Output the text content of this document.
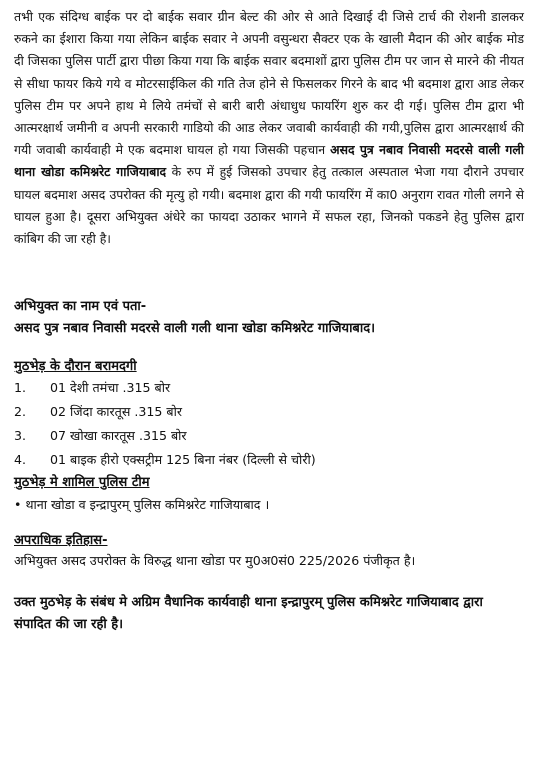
तभी एक संदिग्ध बाईक पर दो बाईक सवार ग्रीन बेल्ट की ओर से आते दिखाई दी जिसे टार्च की रोशनी डालकर रुकने का ईशारा किया गया लेकिन बाईक सवार ने अपनी वसुन्धरा सैक्टर एक के खाली मैदान की ओर बाईक मोड दी जिसका पुलिस पार्टी द्वारा पीछा किया गया कि बाईक सवार बदमाशों द्वारा पुलिस टीम पर जान से मारने की नीयत से सीधा फायर किये गये व मोटरसाईकिल की गति तेज होने से फिसलकर गिरने के बाद भी बदमाश द्वारा आड लेकर पुलिस टीम पर अपने हाथ मे लिये तमंचों से बारी बारी अंधाधुध फायरिंग शुरु कर दी गई। पुलिस टीम द्वारा भी आत्मरक्षार्थ जमीनी व अपनी सरकारी गाडियो की आड लेकर जवाबी कार्यवाही की गयी,पुलिस द्वारा आत्मरक्षार्थ की गयी जवाबी कार्यवाही मे एक बदमाश घायल हो गया जिसकी पहचान असद पुत्र नबाव निवासी मदरसे वाली गली थाना खोडा कमिश्नरेट गाजियाबाद के रुप में हुई जिसको उपचार हेतु तत्काल अस्पताल भेजा गया दौराने उपचार घायल बदमाश असद उपरोक्त की मृत्यु हो गयी। बदमाश द्वारा की गयी फायरिंग में का0 अनुराग रावत गोली लगने से घायल हुआ है। दूसरा अभियुक्त अंधेरे का फायदा उठाकर भागने में सफल रहा, जिनको पकडने हेतु पुलिस द्वारा कांबिग की जा रही है।

अभियुक्त का नाम एवं पता-

असद पुत्र नबाव निवासी मदरसे वाली गली थाना खोडा कमिश्नरेट गाजियाबाद।

मुठभेड़ के दौरान बरामदगी

1. 01 देशी तमंचा .315 बोर
2. 02 जिंदा कारतूस .315 बोर
3. 07 खोखा कारतूस .315 बोर
4. 01 बाइक हीरो एक्सट्रीम 125 बिना नंबर (दिल्ली से चोरी)

मुठभेड़ मे शामिल पुलिस टीम

• थाना खोडा व इन्द्रापुरम् पुलिस कमिश्नरेट गाजियाबाद ।

अपराधिक इतिहास-

अभियुक्त असद उपरोक्त के विरुद्ध थाना खोडा पर मु0अ0सं0 225/2026 पंजीकृत है।

उक्त मुठभेड़ के संबंध मे अग्रिम वैधानिक कार्यवाही थाना इन्द्रापुरम् पुलिस कमिश्नरेट गाजियाबाद द्वारा संपादित की जा रही है।
